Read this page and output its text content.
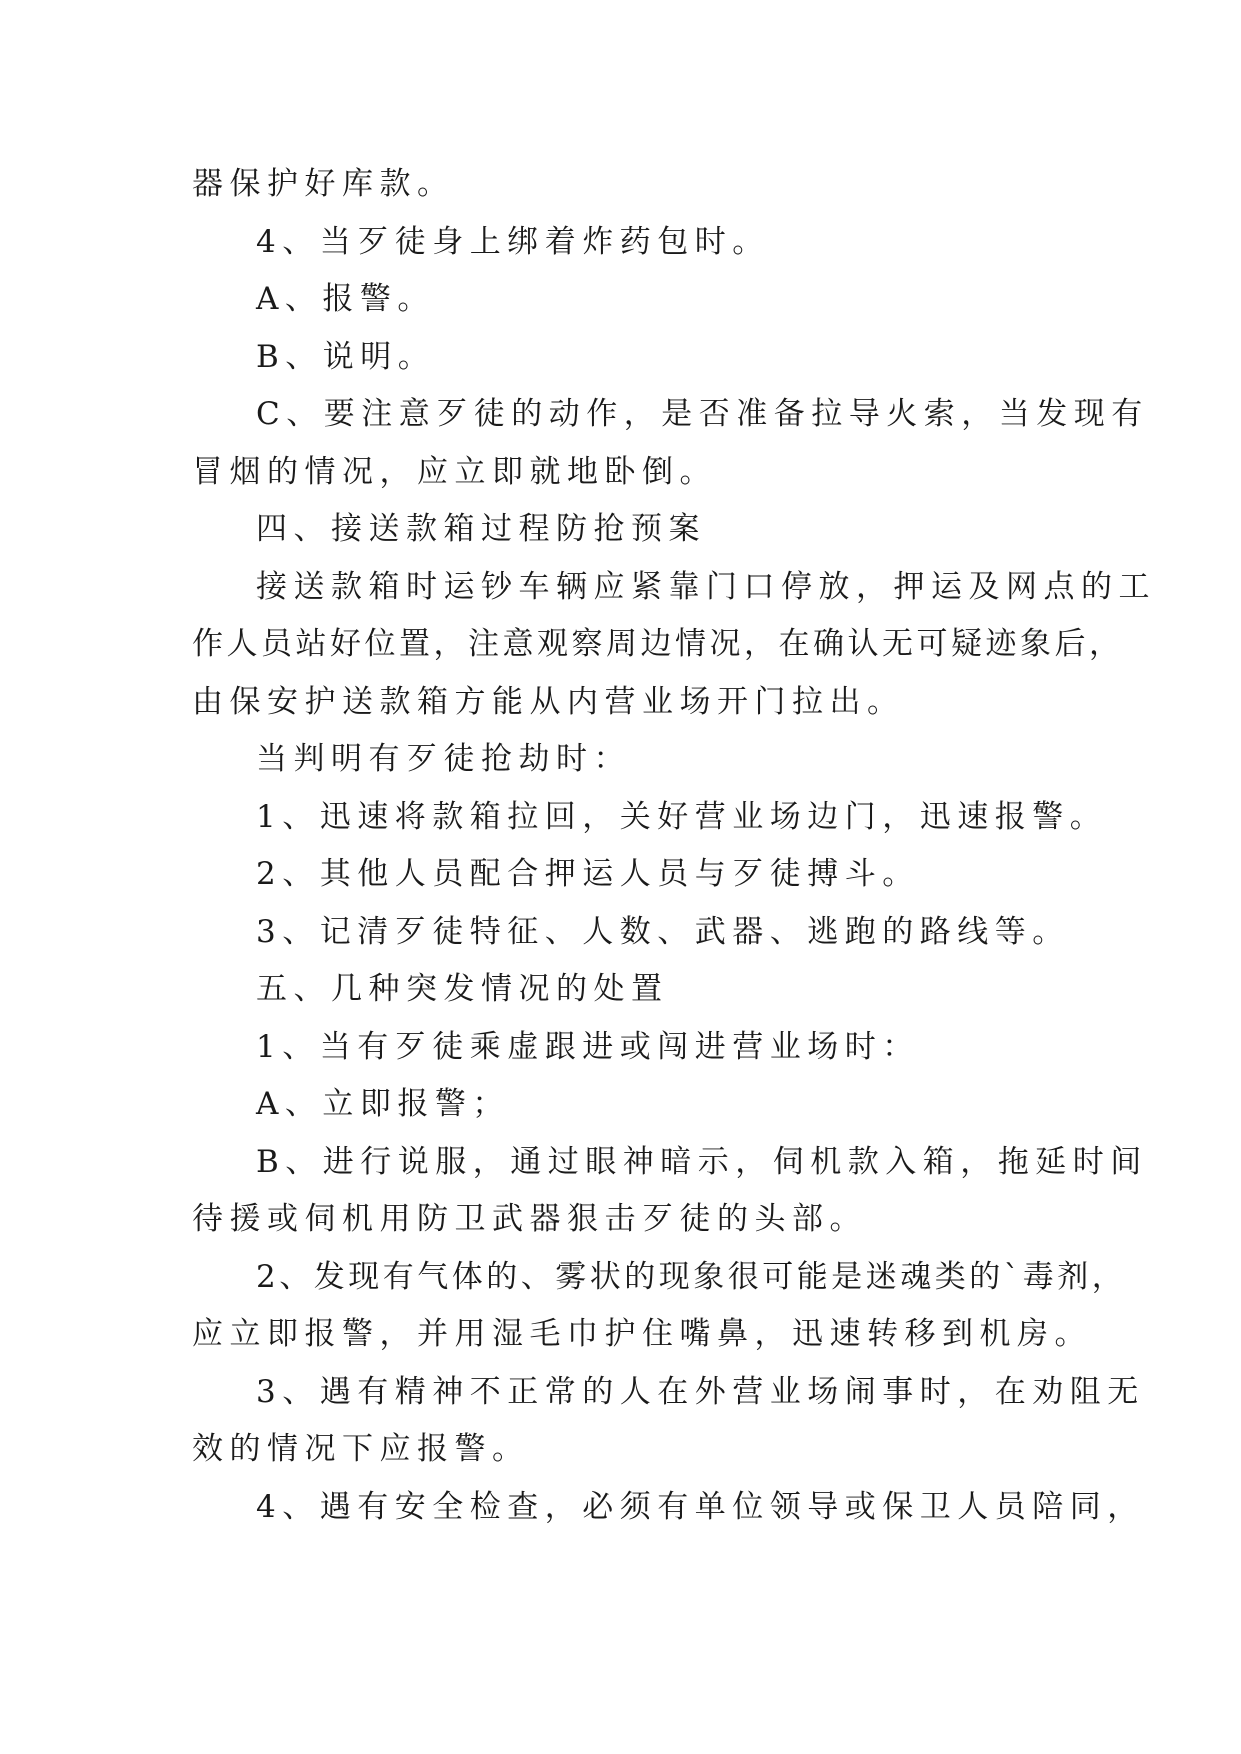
器保护好库款。
4、当歹徒身上绑着炸药包时。
A、报警。
B、说明。
C、要注意歹徒的动作，是否准备拉导火索，当发现有
冒烟的情况，应立即就地卧倒。
四、接送款箱过程防抢预案
接送款箱时运钞车辆应紧靠门口停放，押运及网点的工
作人员站好位置，注意观察周边情况，在确认无可疑迹象后，
由保安护送款箱方能从内营业场开门拉出。
当判明有歹徒抢劫时：
1、迅速将款箱拉回，关好营业场边门，迅速报警。
2、其他人员配合押运人员与歹徒搏斗。
3、记清歹徒特征、人数、武器、逃跑的路线等。
五、几种突发情况的处置
1、当有歹徒乘虚跟进或闯进营业场时：
A、立即报警；
B、进行说服，通过眼神暗示，伺机款入箱，拖延时间
待援或伺机用防卫武器狠击歹徒的头部。
2、发现有气体的、雾状的现象很可能是迷魂类的`毒剂，
应立即报警，并用湿毛巾护住嘴鼻，迅速转移到机房。
3、遇有精神不正常的人在外营业场闹事时，在劝阻无
效的情况下应报警。
4、遇有安全检查，必须有单位领导或保卫人员陪同，
